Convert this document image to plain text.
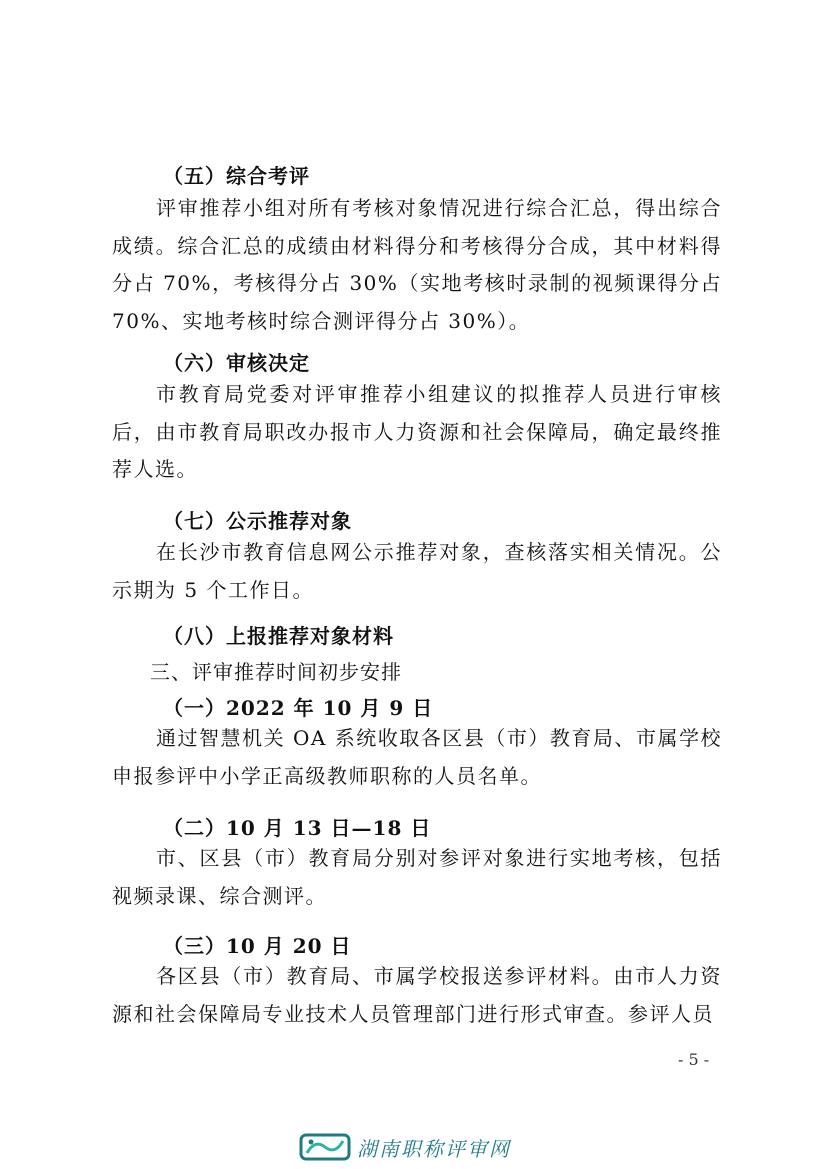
（五）综合考评

评审推荐小组对所有考核对象情况进行综合汇总，得出综合成绩。综合汇总的成绩由材料得分和考核得分合成，其中材料得分占 70%，考核得分占 30%（实地考核时录制的视频课得分占70%、实地考核时综合测评得分占 30%）。

（六）审核决定

市教育局党委对评审推荐小组建议的拟推荐人员进行审核后，由市教育局职改办报市人力资源和社会保障局，确定最终推荐人选。

（七）公示推荐对象

在长沙市教育信息网公示推荐对象，查核落实相关情况。公示期为 5 个工作日。

（八）上报推荐对象材料
三、评审推荐时间初步安排
（一）2022 年 10 月 9 日

通过智慧机关 OA 系统收取各区县（市）教育局、市属学校申报参评中小学正高级教师职称的人员名单。

（二）10 月 13 日—18 日

市、区县（市）教育局分别对参评对象进行实地考核，包括视频录课、综合测评。

（三）10 月 20 日

各区县（市）教育局、市属学校报送参评材料。由市人力资源和社会保障局专业技术人员管理部门进行形式审查。参评人员

- 5 -
湖南职称评审网
